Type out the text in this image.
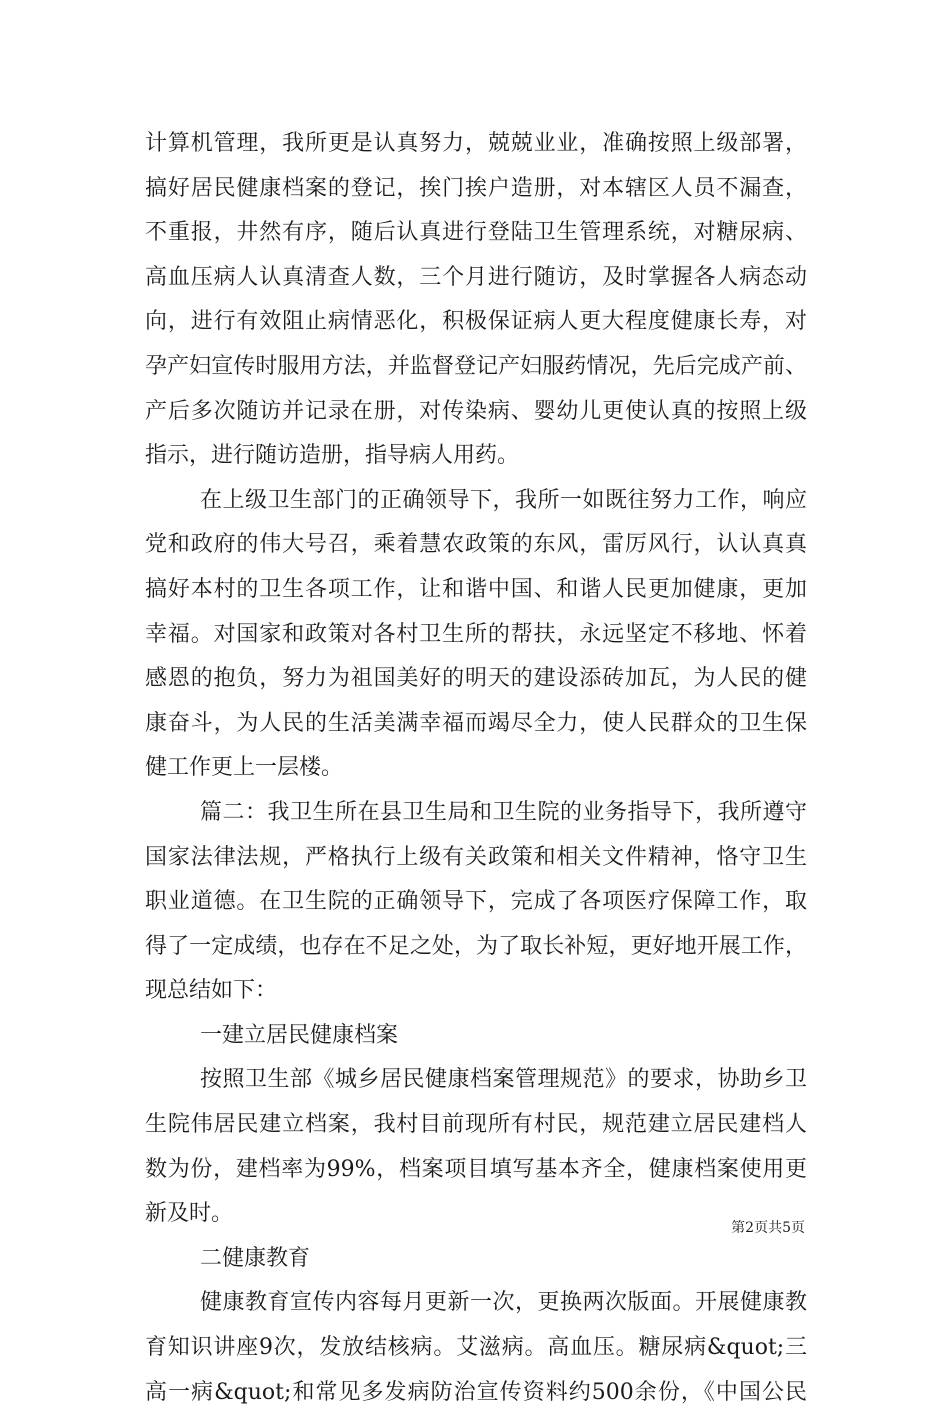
计算机管理，我所更是认真努力，兢兢业业，准确按照上级部署，
搞好居民健康档案的登记，挨门挨户造册，对本辖区人员不漏查，
不重报，井然有序，随后认真进行登陆卫生管理系统，对糖尿病、
高血压病人认真清查人数，三个月进行随访，及时掌握各人病态动
向，进行有效阻止病情恶化，积极保证病人更大程度健康长寿，对
孕产妇宣传时服用方法，并监督登记产妇服药情况，先后完成产前、
产后多次随访并记录在册，对传染病、婴幼儿更使认真的按照上级
指示，进行随访造册，指导病人用药。
在上级卫生部门的正确领导下，我所一如既往努力工作，响应
党和政府的伟大号召，乘着慧农政策的东风，雷厉风行，认认真真
搞好本村的卫生各项工作，让和谐中国、和谐人民更加健康，更加
幸福。对国家和政策对各村卫生所的帮扶，永远坚定不移地、怀着
感恩的抱负，努力为祖国美好的明天的建设添砖加瓦，为人民的健
康奋斗，为人民的生活美满幸福而竭尽全力，使人民群众的卫生保
健工作更上一层楼。
篇二：我卫生所在县卫生局和卫生院的业务指导下，我所遵守
国家法律法规，严格执行上级有关政策和相关文件精神，恪守卫生
职业道德。在卫生院的正确领导下，完成了各项医疗保障工作，取
得了一定成绩，也存在不足之处，为了取长补短，更好地开展工作，
现总结如下：
一建立居民健康档案
按照卫生部《城乡居民健康档案管理规范》的要求，协助乡卫
生院伟居民建立档案，我村目前现所有村民，规范建立居民建档人
数为份，建档率为99%，档案项目填写基本齐全，健康档案使用更
新及时。
二健康教育
健康教育宣传内容每月更新一次，更换两次版面。开展健康教
育知识讲座9次，发放结核病。艾滋病。高血压。糖尿病&quot;三
高一病&quot;和常见多发病防治宣传资料约500余份，《中国公民
第2页共5页
